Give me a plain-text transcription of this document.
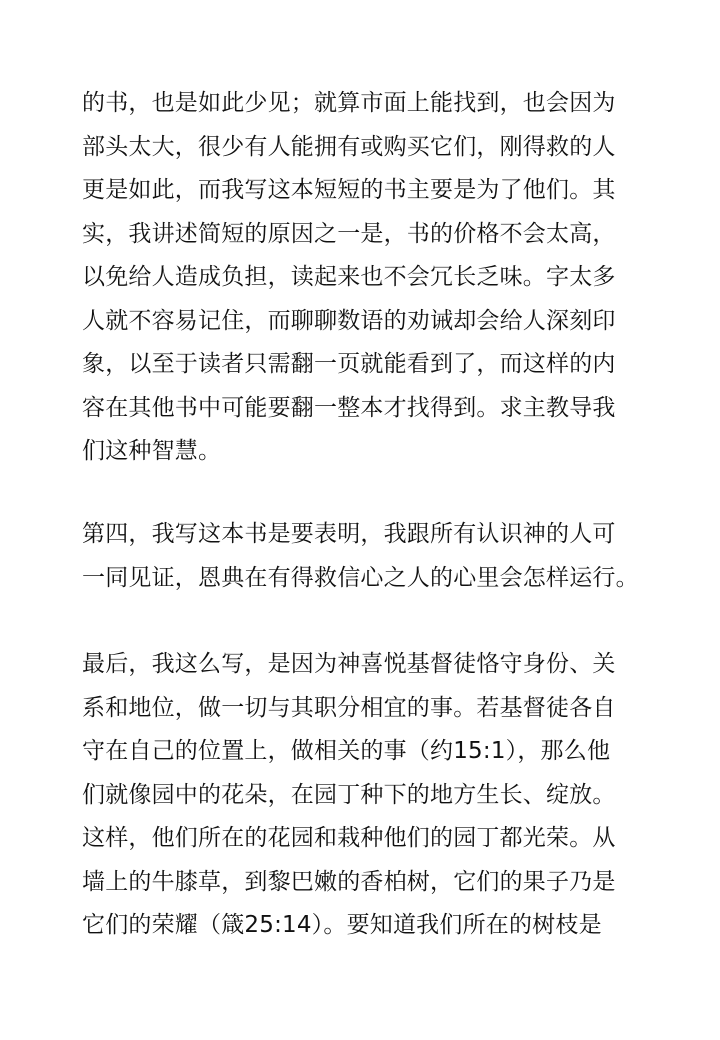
的书，也是如此少见；就算市面上能找到，也会因为
部头太大，很少有人能拥有或购买它们，刚得救的人
更是如此，而我写这本短短的书主要是为了他们。其
实，我讲述简短的原因之一是，书的价格不会太高，
以免给人造成负担，读起来也不会冗长乏味。字太多
人就不容易记住，而聊聊数语的劝诫却会给人深刻印
象，以至于读者只需翻一页就能看到了，而这样的内
容在其他书中可能要翻一整本才找得到。求主教导我
们这种智慧。
第四，我写这本书是要表明，我跟所有认识神的人可
一同见证，恩典在有得救信心之人的心里会怎样运行。
最后，我这么写，是因为神喜悦基督徒恪守身份、关
系和地位，做一切与其职分相宜的事。若基督徒各自
守在自己的位置上，做相关的事（约15:1），那么他
们就像园中的花朵，在园丁种下的地方生长、绽放。
这样，他们所在的花园和栽种他们的园丁都光荣。从
墙上的牛膝草，到黎巴嫩的香柏树，它们的果子乃是
它们的荣耀（箴25:14）。要知道我们所在的树枝是
